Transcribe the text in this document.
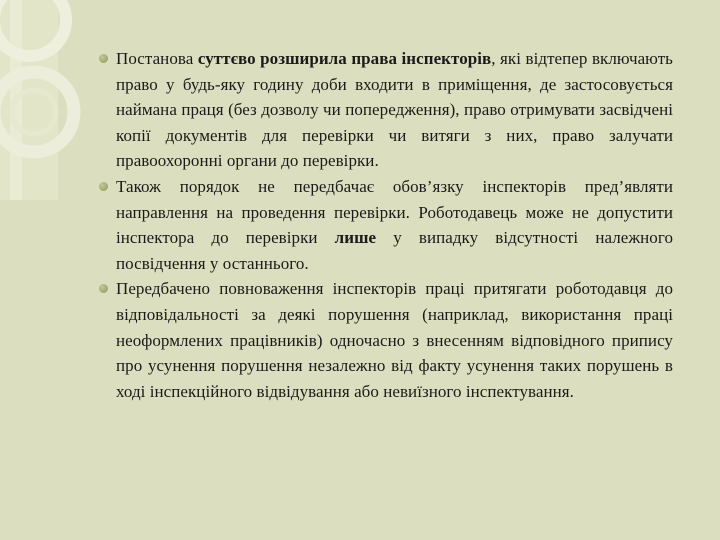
Постанова суттєво розширила права інспекторів, які відтепер включають право у будь-яку годину доби входити в приміщення, де застосовується наймана праця (без дозволу чи попередження), право отримувати засвідчені копії документів для перевірки чи витяги з них, право залучати правоохоронні органи до перевірки.

Також порядок не передбачає обов’язку інспекторів пред’являти направлення на проведення перевірки. Роботодавець може не допустити інспектора до перевірки лише у випадку відсутності належного посвідчення у останнього.

Передбачено повноваження інспекторів праці притягати роботодавця до відповідальності за деякі порушення (наприклад, використання праці неоформлених працівників) одночасно з внесенням відповідного припису про усунення порушення незалежно від факту усунення таких порушень в ході інспекційного відвідування або невиїзного інспектування.
